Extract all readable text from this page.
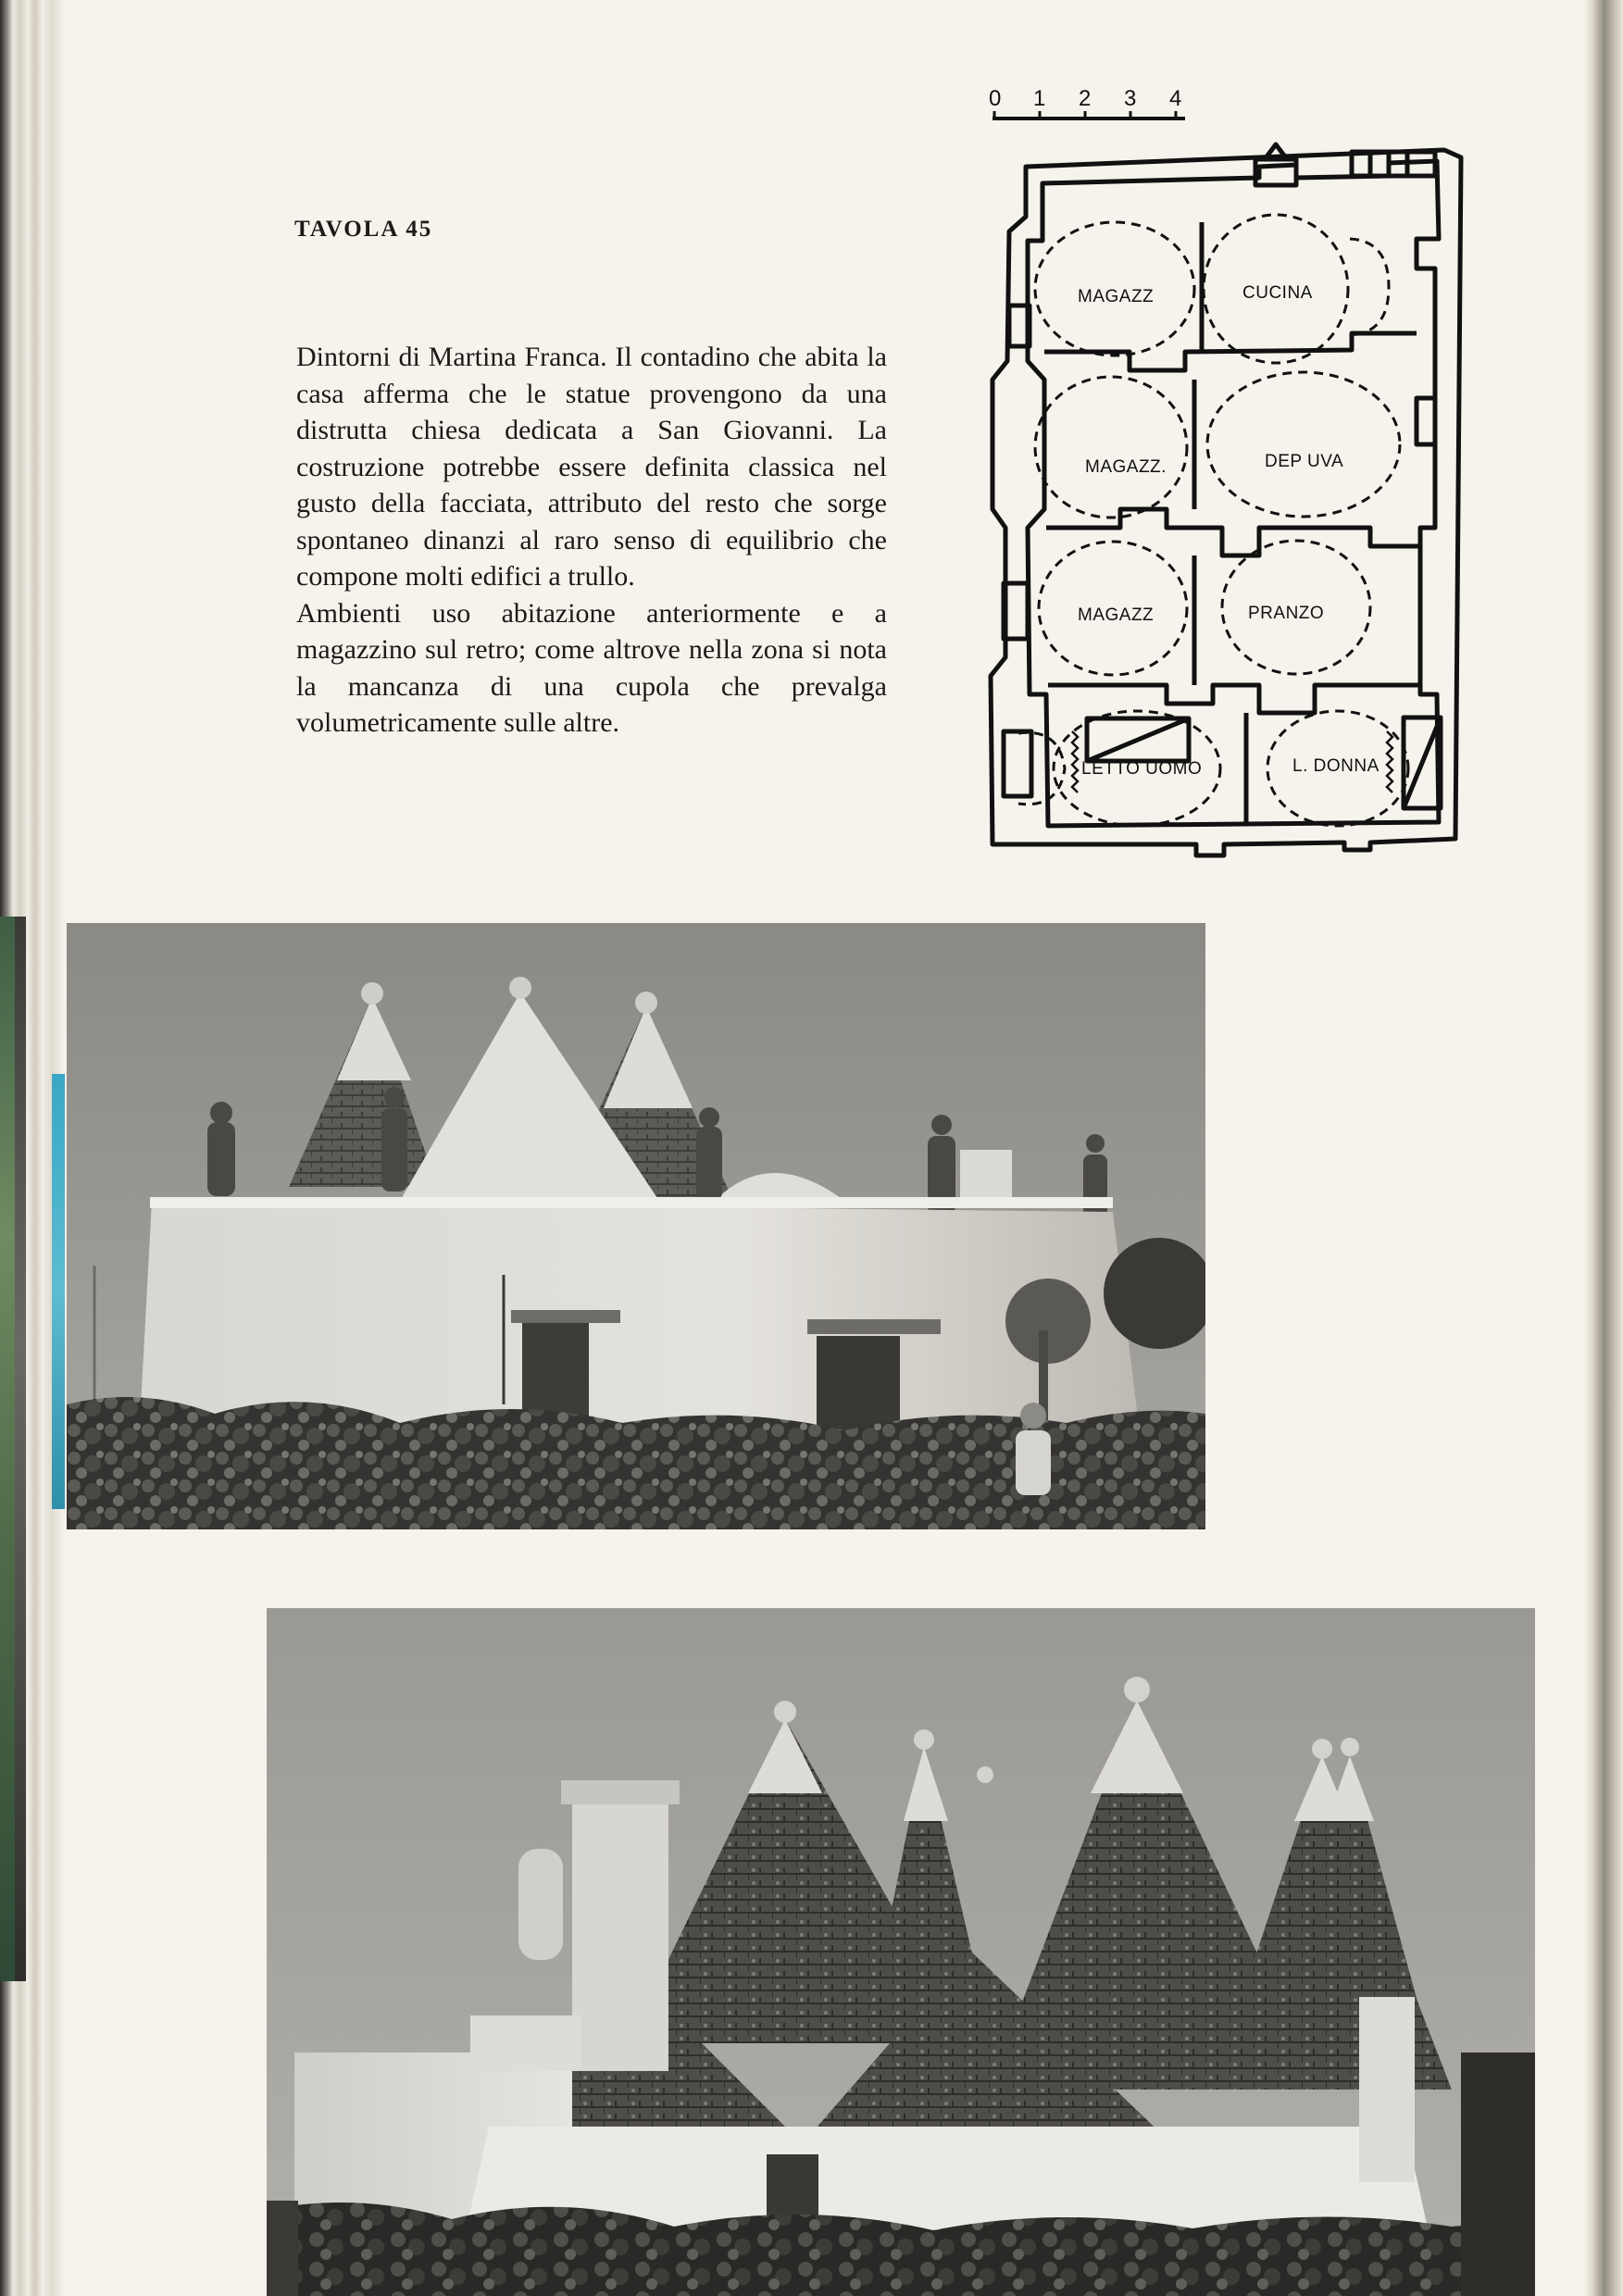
TAVOLA 45

Dintorni di Martina Franca. Il contadino che abita la casa afferma che le statue provengono da una distrutta chiesa dedicata a San Giovanni. La costruzione potrebbe essere definita classica nel gusto della facciata, attributo del resto che sorge spontaneo dinanzi al raro senso di equilibrio che compone molti edifici a trullo.

Ambienti uso abitazione anteriormente e a magazzino sul retro; come altrove nella zona si nota la mancanza di una cupola che prevalga volumetricamente sulle altre.

0 1 2 3 4
MAGAZZ	CUCINA
MAGAZZ.	DEP UVA
MAGAZZ	PRANZO
LETTO UOMO	L. DONNA
